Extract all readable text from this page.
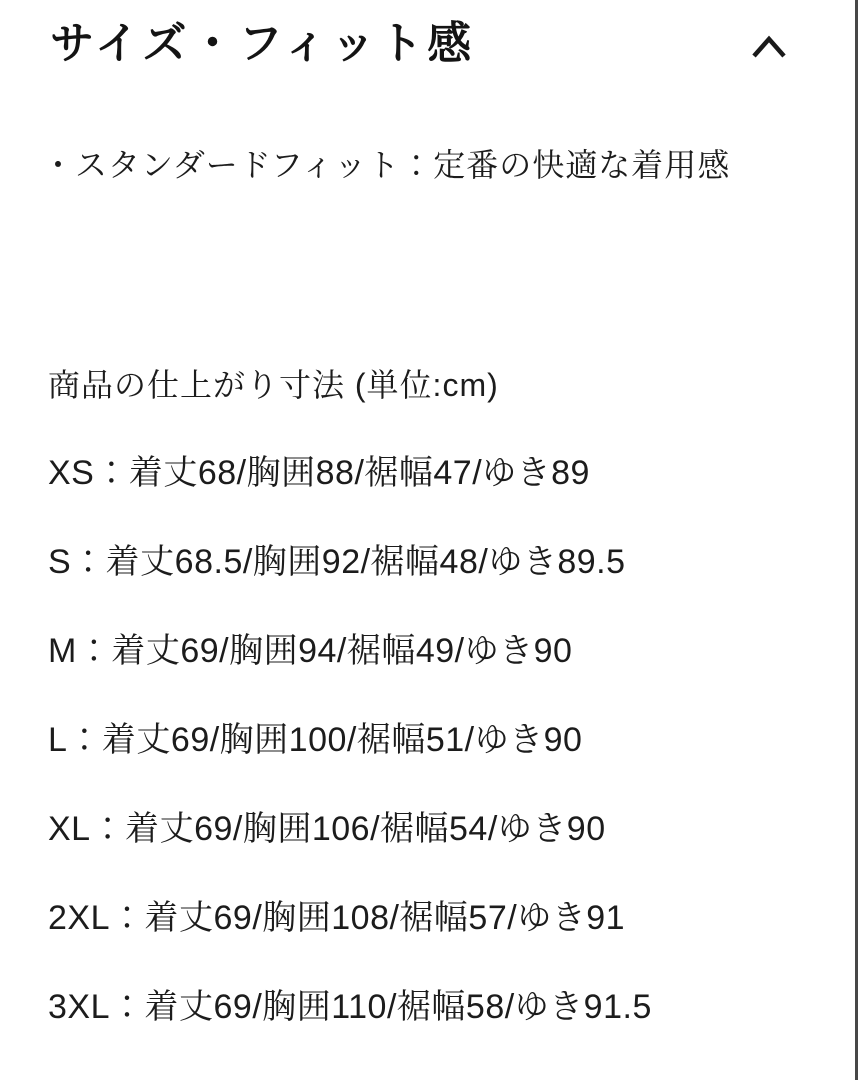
サイズ・フィット感
・スタンダードフィット：定番の快適な着用感
商品の仕上がり寸法 (単位:cm)
XS：着丈68/胸囲88/裾幅47/ゆき89
S：着丈68.5/胸囲92/裾幅48/ゆき89.5
M：着丈69/胸囲94/裾幅49/ゆき90
L：着丈69/胸囲100/裾幅51/ゆき90
XL：着丈69/胸囲106/裾幅54/ゆき90
2XL：着丈69/胸囲108/裾幅57/ゆき91
3XL：着丈69/胸囲110/裾幅58/ゆき91.5
